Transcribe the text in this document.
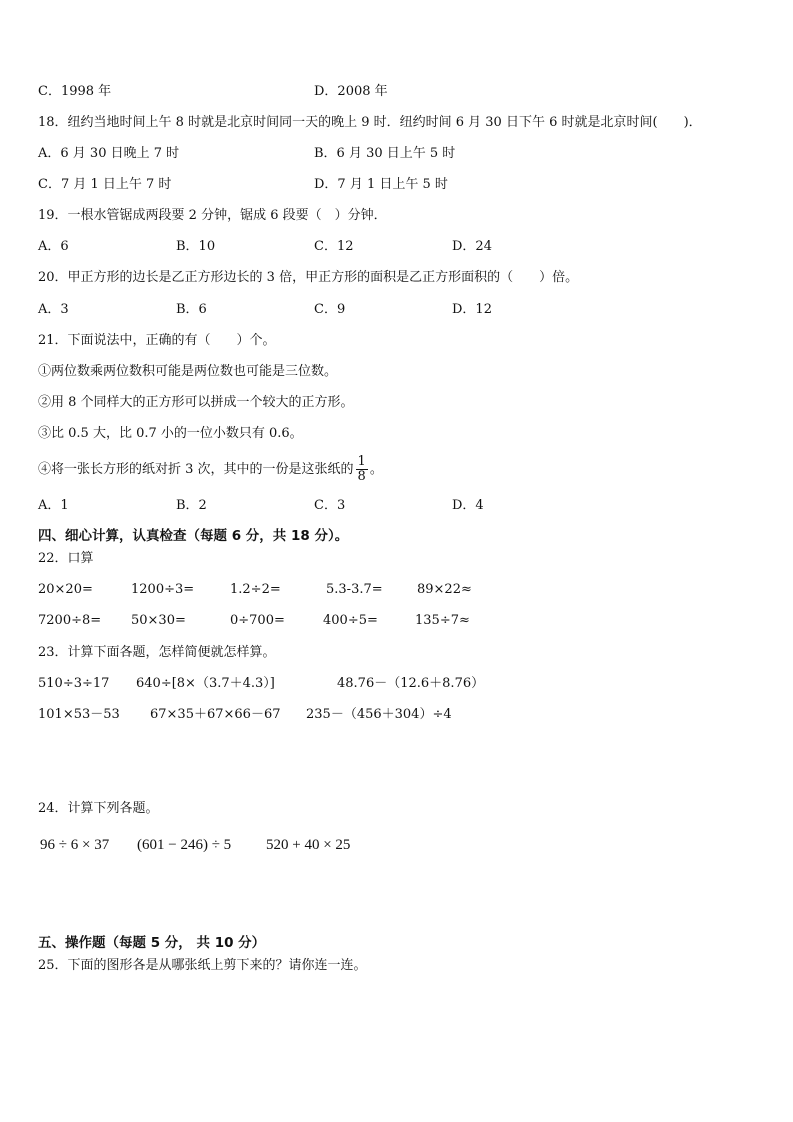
C．1998 年	D．2008 年
18．纽约当地时间上午 8 时就是北京时间同一天的晚上 9 时．纽约时间 6 月 30 日下午 6 时就是北京时间(　　)．
A．6 月 30 日晚上 7 时	B．6 月 30 日上午 5 时
C．7 月 1 日上午 7 时	D．7 月 1 日上午 5 时
19．一根水管锯成两段要 2 分钟，锯成 6 段要（　）分钟．
A．6	B．10	C．12	D．24
20．甲正方形的边长是乙正方形边长的 3 倍，甲正方形的面积是乙正方形面积的（　　）倍。
A．3	B．6	C．9	D．12
21．下面说法中，正确的有（　　）个。
①两位数乘两位数积可能是两位数也可能是三位数。
②用 8 个同样大的正方形可以拼成一个较大的正方形。
③比 0.5 大，比 0.7 小的一位小数只有 0.6。
④将一张长方形的纸对折 3 次，其中的一份是这张纸的 $\frac{1}{8}$ 。
A．1	B．2	C．3	D．4
四、细心计算，认真检查（每题 6 分，共 18 分）。
22．口算
20×20=	1200÷3=	1.2÷2=	5.3-3.7=	89×22≈
7200÷8= 50×30=	0÷700=	400÷5=	135÷7≈
23．计算下面各题，怎样简便就怎样算。
510÷3÷17 640÷[8×（3.7＋4.3）]	48.76－（12.6＋8.76）
101×53－53 67×35＋67×66－67 235－（456＋304）÷4
24．计算下列各题。
96 ÷ 6 × 37 (601 − 246) ÷ 5 520 + 40 × 25
五、操作题（每题 5 分， 共 10 分）
25．下面的图形各是从哪张纸上剪下来的？请你连一连。
